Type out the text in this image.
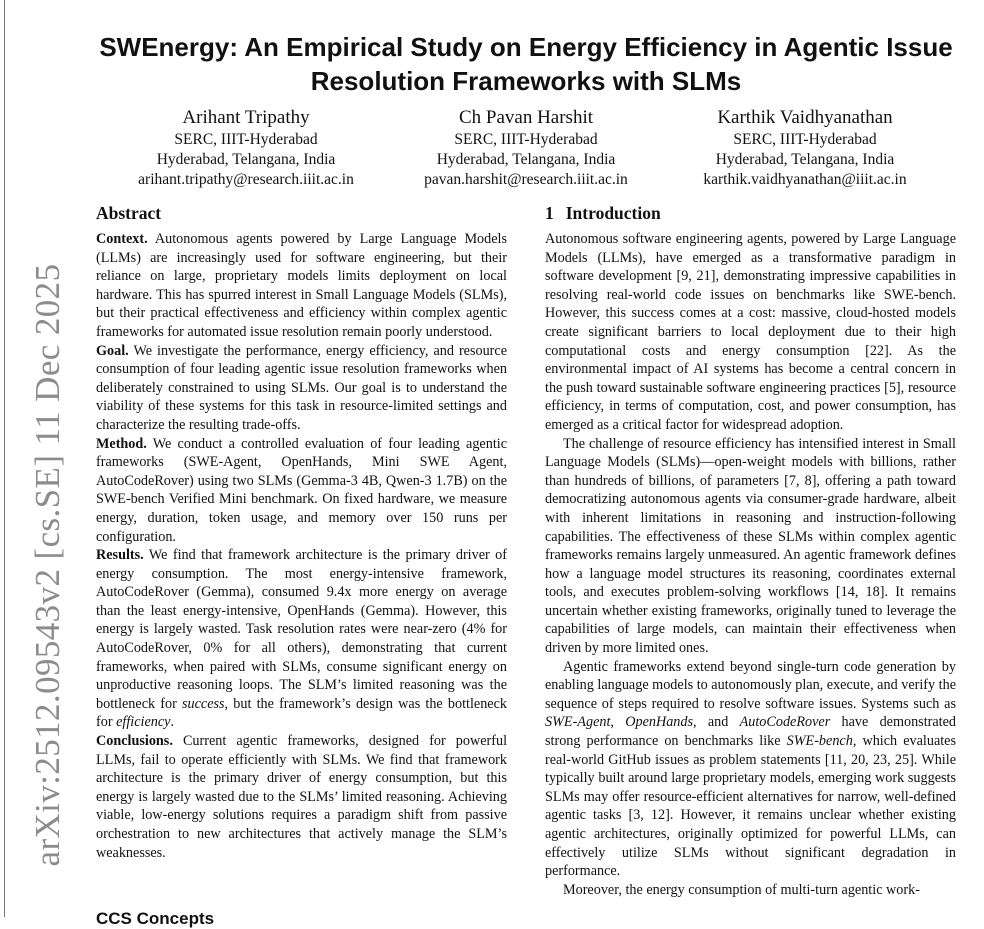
arXiv:2512.09543v2 [cs.SE] 11 Dec 2025
SWEnergy: An Empirical Study on Energy Efficiency in Agentic Issue Resolution Frameworks with SLMs
Arihant Tripathy
SERC, IIIT-Hyderabad
Hyderabad, Telangana, India
arihant.tripathy@research.iiit.ac.in
Ch Pavan Harshit
SERC, IIIT-Hyderabad
Hyderabad, Telangana, India
pavan.harshit@research.iiit.ac.in
Karthik Vaidhyanathan
SERC, IIIT-Hyderabad
Hyderabad, Telangana, India
karthik.vaidhyanathan@iiit.ac.in
Abstract

Context. Autonomous agents powered by Large Language Models (LLMs) are increasingly used for software engineering, but their reliance on large, proprietary models limits deployment on local hardware. This has spurred interest in Small Language Models (SLMs), but their practical effectiveness and efficiency within complex agentic frameworks for automated issue resolution remain poorly understood.

Goal. We investigate the performance, energy efficiency, and resource consumption of four leading agentic issue resolution frameworks when deliberately constrained to using SLMs. Our goal is to understand the viability of these systems for this task in resource-limited settings and characterize the resulting trade-offs.

Method. We conduct a controlled evaluation of four leading agentic frameworks (SWE-Agent, OpenHands, Mini SWE Agent, AutoCodeRover) using two SLMs (Gemma-3 4B, Qwen-3 1.7B) on the SWE-bench Verified Mini benchmark. On fixed hardware, we measure energy, duration, token usage, and memory over 150 runs per configuration.

Results. We find that framework architecture is the primary driver of energy consumption. The most energy-intensive framework, AutoCodeRover (Gemma), consumed 9.4x more energy on average than the least energy-intensive, OpenHands (Gemma). However, this energy is largely wasted. Task resolution rates were near-zero (4% for AutoCodeRover, 0% for all others), demonstrating that current frameworks, when paired with SLMs, consume significant energy on unproductive reasoning loops. The SLM’s limited reasoning was the bottleneck for success, but the framework’s design was the bottleneck for efficiency.

Conclusions. Current agentic frameworks, designed for powerful LLMs, fail to operate efficiently with SLMs. We find that framework architecture is the primary driver of energy consumption, but this energy is largely wasted due to the SLMs’ limited reasoning. Achieving viable, low-energy solutions requires a paradigm shift from passive orchestration to new architectures that actively manage the SLM’s weaknesses.

CCS Concepts
1 Introduction

Autonomous software engineering agents, powered by Large Language Models (LLMs), have emerged as a transformative paradigm in software development [9, 21], demonstrating impressive capabilities in resolving real-world code issues on benchmarks like SWE-bench. However, this success comes at a cost: massive, cloud-hosted models create significant barriers to local deployment due to their high computational costs and energy consumption [22]. As the environmental impact of AI systems has become a central concern in the push toward sustainable software engineering practices [5], resource efficiency, in terms of computation, cost, and power consumption, has emerged as a critical factor for widespread adoption.

The challenge of resource efficiency has intensified interest in Small Language Models (SLMs)—open-weight models with billions, rather than hundreds of billions, of parameters [7, 8], offering a path toward democratizing autonomous agents via consumer-grade hardware, albeit with inherent limitations in reasoning and instruction-following capabilities. The effectiveness of these SLMs within complex agentic frameworks remains largely unmeasured. An agentic framework defines how a language model structures its reasoning, coordinates external tools, and executes problem-solving workflows [14, 18]. It remains uncertain whether existing frameworks, originally tuned to leverage the capabilities of large models, can maintain their effectiveness when driven by more limited ones.

Agentic frameworks extend beyond single-turn code generation by enabling language models to autonomously plan, execute, and verify the sequence of steps required to resolve software issues. Systems such as SWE-Agent, OpenHands, and AutoCodeRover have demonstrated strong performance on benchmarks like SWE-bench, which evaluates real-world GitHub issues as problem statements [11, 20, 23, 25]. While typically built around large proprietary models, emerging work suggests SLMs may offer resource-efficient alternatives for narrow, well-defined agentic tasks [3, 12]. However, it remains unclear whether existing agentic architectures, originally optimized for powerful LLMs, can effectively utilize SLMs without significant degradation in performance.

Moreover, the energy consumption of multi-turn agentic work-
